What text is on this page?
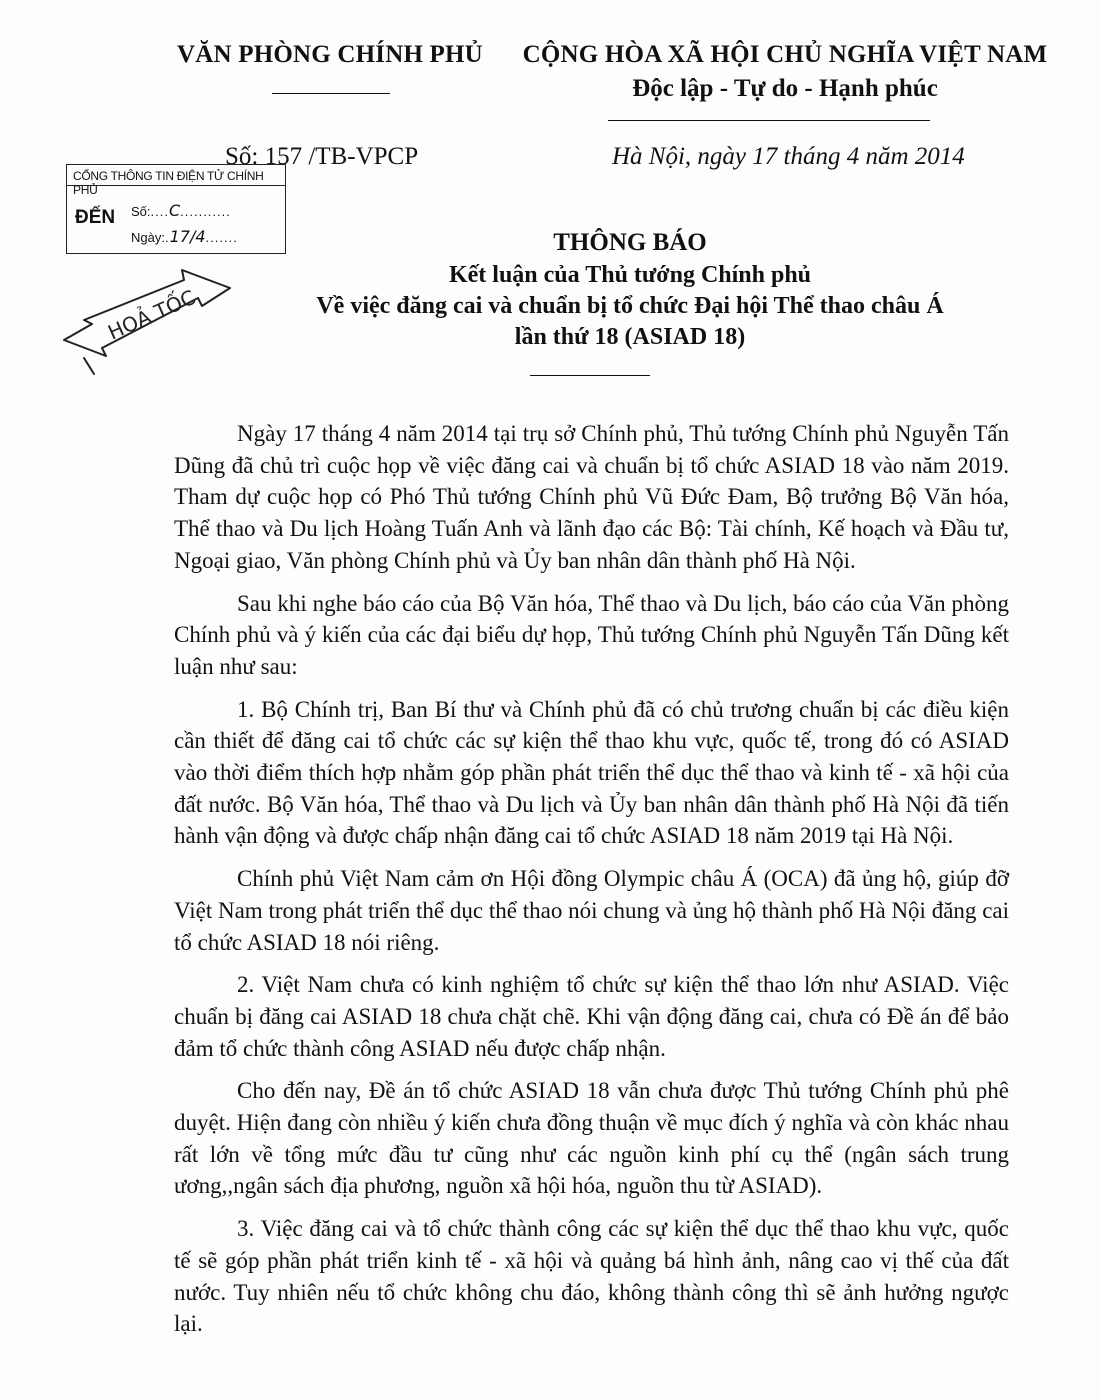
VĂN PHÒNG CHÍNH PHỦ	CỘNG HÒA XÃ HỘI CHỦ NGHĨA VIỆT NAM
Độc lập - Tự do - Hạnh phúc
Số: 157 /TB-VPCP	Hà Nội, ngày 17 tháng 4 năm 2014
CỔNG THÔNG TIN ĐIỆN TỬ CHÍNH PHỦ
ĐẾN Số:....C...........
Ngày:.17/4.......
HOẢ TỐC
THÔNG BÁO
Kết luận của Thủ tướng Chính phủ
Về việc đăng cai và chuẩn bị tổ chức Đại hội Thể thao châu Á
lần thứ 18 (ASIAD 18)

Ngày 17 tháng 4 năm 2014 tại trụ sở Chính phủ, Thủ tướng Chính phủ Nguyễn Tấn Dũng đã chủ trì cuộc họp về việc đăng cai và chuẩn bị tổ chức ASIAD 18 vào năm 2019. Tham dự cuộc họp có Phó Thủ tướng Chính phủ Vũ Đức Đam, Bộ trưởng Bộ Văn hóa, Thể thao và Du lịch Hoàng Tuấn Anh và lãnh đạo các Bộ: Tài chính, Kế hoạch và Đầu tư, Ngoại giao, Văn phòng Chính phủ và Ủy ban nhân dân thành phố Hà Nội.

Sau khi nghe báo cáo của Bộ Văn hóa, Thể thao và Du lịch, báo cáo của Văn phòng Chính phủ và ý kiến của các đại biểu dự họp, Thủ tướng Chính phủ Nguyễn Tấn Dũng kết luận như sau:

1. Bộ Chính trị, Ban Bí thư và Chính phủ đã có chủ trương chuẩn bị các điều kiện cần thiết để đăng cai tổ chức các sự kiện thể thao khu vực, quốc tế, trong đó có ASIAD vào thời điểm thích hợp nhằm góp phần phát triển thể dục thể thao và kinh tế - xã hội của đất nước. Bộ Văn hóa, Thể thao và Du lịch và Ủy ban nhân dân thành phố Hà Nội đã tiến hành vận động và được chấp nhận đăng cai tổ chức ASIAD 18 năm 2019 tại Hà Nội.

Chính phủ Việt Nam cảm ơn Hội đồng Olympic châu Á (OCA) đã ủng hộ, giúp đỡ Việt Nam trong phát triển thể dục thể thao nói chung và ủng hộ thành phố Hà Nội đăng cai tổ chức ASIAD 18 nói riêng.

2. Việt Nam chưa có kinh nghiệm tổ chức sự kiện thể thao lớn như ASIAD. Việc chuẩn bị đăng cai ASIAD 18 chưa chặt chẽ. Khi vận động đăng cai, chưa có Đề án để bảo đảm tổ chức thành công ASIAD nếu được chấp nhận.

Cho đến nay, Đề án tổ chức ASIAD 18 vẫn chưa được Thủ tướng Chính phủ phê duyệt. Hiện đang còn nhiều ý kiến chưa đồng thuận về mục đích ý nghĩa và còn khác nhau rất lớn về tổng mức đầu tư cũng như các nguồn kinh phí cụ thể (ngân sách trung ương,,ngân sách địa phương, nguồn xã hội hóa, nguồn thu từ ASIAD).

3. Việc đăng cai và tổ chức thành công các sự kiện thể dục thể thao khu vực, quốc tế sẽ góp phần phát triển kinh tế - xã hội và quảng bá hình ảnh, nâng cao vị thế của đất nước. Tuy nhiên nếu tổ chức không chu đáo, không thành công thì sẽ ảnh hưởng ngược lại.
